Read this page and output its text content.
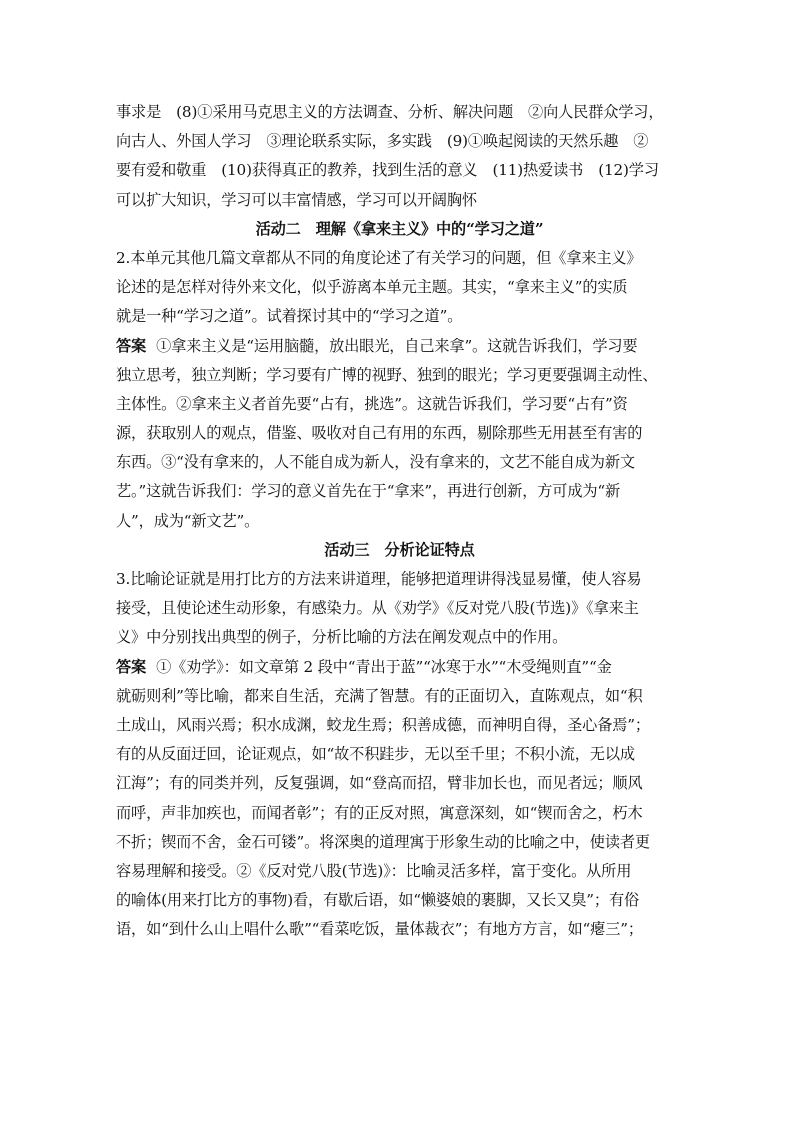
事求是　(8)①采用马克思主义的方法调查、分析、解决问题　②向人民群众学习，
向古人、外国人学习　③理论联系实际，多实践　(9)①唤起阅读的天然乐趣　②
要有爱和敬重　(10)获得真正的教养，找到生活的意义　(11)热爱读书　(12)学习
可以扩大知识，学习可以丰富情感，学习可以开阔胸怀
活动二　理解《拿来主义》中的“学习之道”
2.本单元其他几篇文章都从不同的角度论述了有关学习的问题，但《拿来主义》
论述的是怎样对待外来文化，似乎游离本单元主题。其实，“拿来主义”的实质
就是一种“学习之道”。试着探讨其中的“学习之道”。
答案 ①拿来主义是“运用脑髓，放出眼光，自己来拿”。这就告诉我们，学习要
独立思考，独立判断；学习要有广博的视野、独到的眼光；学习更要强调主动性、
主体性。②拿来主义者首先要“占有，挑选”。这就告诉我们，学习要“占有”资
源，获取别人的观点，借鉴、吸收对自己有用的东西，剔除那些无用甚至有害的
东西。③“没有拿来的，人不能自成为新人，没有拿来的，文艺不能自成为新文
艺。”这就告诉我们：学习的意义首先在于“拿来”，再进行创新，方可成为“新
人”，成为“新文艺”。
活动三　分析论证特点
3.比喻论证就是用打比方的方法来讲道理，能够把道理讲得浅显易懂，使人容易
接受，且使论述生动形象，有感染力。从《劝学》《反对党八股(节选)》《拿来主
义》中分别找出典型的例子，分析比喻的方法在阐发观点中的作用。
答案 ①《劝学》：如文章第 2 段中“青出于蓝”“冰寒于水”“木受绳则直”“金
就砺则利”等比喻，都来自生活，充满了智慧。有的正面切入，直陈观点，如“积
土成山，风雨兴焉；积水成渊，蛟龙生焉；积善成德，而神明自得，圣心备焉”；
有的从反面迂回，论证观点，如“故不积跬步，无以至千里；不积小流，无以成
江海”；有的同类并列，反复强调，如“登高而招，臂非加长也，而见者远；顺风
而呼，声非加疾也，而闻者彰”；有的正反对照，寓意深刻，如“锲而舍之，朽木
不折；锲而不舍，金石可镂”。将深奥的道理寓于形象生动的比喻之中，使读者更
容易理解和接受。②《反对党八股(节选)》：比喻灵活多样，富于变化。从所用
的喻体(用来打比方的事物)看，有歇后语，如“懒婆娘的裹脚，又长又臭”；有俗
语，如“到什么山上唱什么歌”“看菜吃饭，量体裁衣”；有地方方言，如“瘪三”；
